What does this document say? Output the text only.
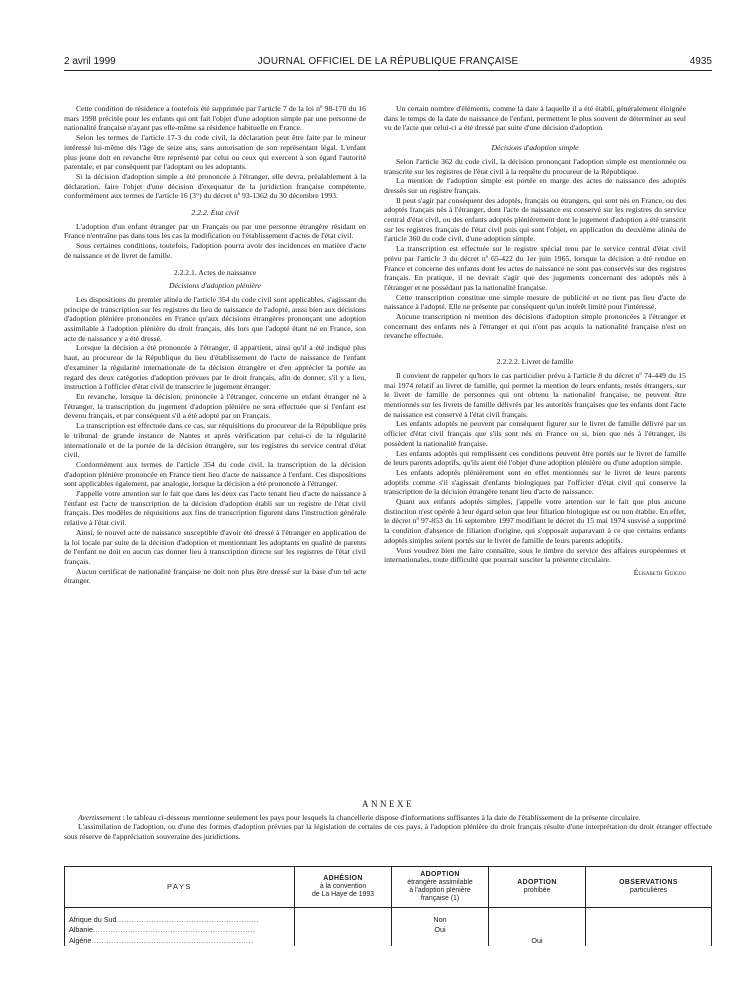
2 avril 1999	JOURNAL OFFICIEL DE LA RÉPUBLIQUE FRANÇAISE	4935

Cette condition de résidence a toutefois été supprimée par l'article 7 de la loi nº 98-170 du 16 mars 1998 précitée pour les enfants qui ont fait l'objet d'une adoption simple par une personne de nationalité française n'ayant pas elle-même sa résidence habituelle en France.

Selon les termes de l'article 17-3 du code civil, la déclaration peut être faite par le mineur intéressé lui-même dès l'âge de seize ans, sans autorisation de son représentant légal. L'enfant plus jeune doit en revanche être représenté par celui ou ceux qui exercent à son égard l'autorité parentale, et par conséquent par l'adoptant ou les adoptants.

Si la décision d'adoption simple a été prononcée à l'étranger, elle devra, préalablement à la déclaration, faire l'objet d'une décision d'exequatur de la juridiction française compétente, conformément aux termes de l'article 16 (3°) du décret nº 93-1362 du 30 décembre 1993.

2.2.2. État civil

L'adoption d'un enfant étranger par un Français ou par une personne étrangère résidant en France n'entraîne pas dans tous les cas la modification ou l'établissement d'actes de l'état civil.

Sous certaines conditions, toutefois, l'adoption pourra avoir des incidences en matière d'acte de naissance et de livret de famille.

2.2.2.1. Actes de naissance

Décisions d'adoption plénière

Les dispositions du premier alinéa de l'article 354 du code civil sont applicables, s'agissant du principe de transcription sur les registres du lieu de naissance de l'adopté, aussi bien aux décisions d'adoption plénière prononcées en France qu'aux décisions étrangères prononçant une adoption assimilable à l'adoption plénière du droit français, dès lors que l'adopté étant né en France, son acte de naissance y a été dressé.

Lorsque la décision a été prononcée à l'étranger, il appartient, ainsi qu'il a été indiqué plus haut, au procureur de la République du lieu d'établissement de l'acte de naissance de l'enfant d'examiner la régularité internationale de la décision étrangère et d'en apprécier la portée au regard des deux catégories d'adoption prévues par le droit français, afin de donner, s'il y a lieu, instruction à l'officier d'état civil de transcrire le jugement étranger.

En revanche, lorsque la décision, prononcée à l'étranger, concerne un enfant étranger né à l'étranger, la transcription du jugement d'adoption plénière ne sera effectuée que si l'enfant est devenu français, et par conséquent s'il a été adopté par un Français.

La transcription est effectuée dans ce cas, sur réquisitions du procureur de la République près le tribunal de grande instance de Nantes et après vérification par celui-ci de la régularité internationale et de la portée de la décision étrangère, sur les registres du service central d'état civil.

Conformément aux termes de l'article 354 du code civil, la transcription de la décision d'adoption plénière prononcée en France tient lieu d'acte de naissance à l'enfant. Ces dispositions sont applicables également, par analogie, lorsque la décision a été prononcée à l'étranger.

J'appelle votre attention sur le fait que dans les deux cas l'acte tenant lieu d'acte de naissance à l'enfant est l'acte de transcription de la décision d'adoption établi sur un registre de l'état civil français. Des modèles de réquisitions aux fins de transcription figurent dans l'instruction générale relative à l'état civil.

Ainsi, le nouvel acte de naissance susceptible d'avoir été dressé à l'étranger en application de la loi locale par suite de la décision d'adoption et mentionnant les adoptants en qualité de parents de l'enfant ne doit en aucun cas donner lieu à transcription directe sur les registres de l'état civil français.

Aucun certificat de nationalité française ne doit non plus être dressé sur la base d'un tel acte étranger.

Un certain nombre d'éléments, comme la date à laquelle il a été établi, généralement éloignée dans le temps de la date de naissance de l'enfant, permettent le plus souvent de déterminer au seul vu de l'acte que celui-ci a été dressé par suite d'une décision d'adoption.

Décisions d'adoption simple

Selon l'article 362 du code civil, la décision prononçant l'adoption simple est mentionnée ou transcrite sur les registres de l'état civil à la requête du procureur de la République.

La mention de l'adoption simple est portée en marge des actes de naissance des adoptés dressés sur un registre français.

Il peut s'agir par conséquent des adoptés, français ou étrangers, qui sont nés en France, ou des adoptés français nés à l'étranger, dont l'acte de naissance est conservé sur les registres du service central d'état civil, ou des enfants adoptés plénièrement dont le jugement d'adoption a été transcrit sur les registres français de l'état civil puis qui sont l'objet, en application du deuxième alinéa de l'article 360 du code civil, d'une adoption simple.

La transcription est effectuée sur le registre spécial tenu par le service central d'état civil prévu par l'article 3 du décret nº 65-422 du 1er juin 1965, lorsque la décision a été rendue en France et concerne des enfants dont les actes de naissance ne sont pas conservés sur des registres français. En pratique, il ne devrait s'agir que des jugements concernant des adoptés nés à l'étranger et ne possédant pas la nationalité française.

Cette transcription constitue une simple mesure de publicité et ne tient pas lieu d'acte de naissance à l'adopté. Elle ne présente par conséquent qu'un intérêt limité pour l'intéressé.

Aucune transcription ni mention des décisions d'adoption simple prononcées à l'étranger et concernant des enfants nés à l'étranger et qui n'ont pas acquis la nationalité française n'est en revanche effectuée.

2.2.2.2. Livret de famille

Il convient de rappeler qu'hors le cas particulier prévu à l'article 8 du décret nº 74-449 du 15 mai 1974 relatif au livret de famille, qui permet la mention de leurs enfants, restés étrangers, sur le livret de famille de personnes qui ont obtenu la nationalité française, ne peuvent être mentionnés sur les livrets de famille délivrés par les autorités françaises que les enfants dont l'acte de naissance est conservé à l'état civil français.

Les enfants adoptés ne peuvent par conséquent figurer sur le livret de famille délivré par un officier d'état civil français que s'ils sont nés en France ou si, bien que nés à l'étranger, ils possèdent la nationalité française.

Les enfants adoptés qui remplissent ces conditions peuvent être portés sur le livret de famille de leurs parents adoptifs, qu'ils aient été l'objet d'une adoption plénière ou d'une adoption simple.

Les enfants adoptés plénièrement sont en effet mentionnés sur le livret de leurs parents adoptifs comme s'il s'agissait d'enfants biologiques par l'officier d'état civil qui conserve la transcription de la décision étrangère tenant lieu d'acte de naissance.

Quant aux enfants adoptés simples, j'appelle votre attention sur le fait que plus aucune distinction n'est opérée à leur égard selon que leur filiation biologique est ou non établie. En effet, le décret nº 97-853 du 16 septembre 1997 modifiant le décret du 15 mai 1974 susvisé a supprimé la condition d'absence de filiation d'origine, qui s'opposait auparavant à ce que certains enfants adoptés simples soient portés sur le livret de famille de leurs parents adoptifs.

Vous voudrez bien me faire connaître, sous le timbre du service des affaires européennes et internationales, toute difficulté que pourrait susciter la présente circulaire.

Élisabeth Guigou
ANNEXE

Avertissement : le tableau ci-dessous mentionne seulement les pays pour lesquels la chancellerie dispose d'informations suffisantes à la date de l'établissement de la présente circulaire.

L'assimilation de l'adoption, ou d'une des formes d'adoption prévues par la législation de certains de ces pays, à l'adoption plénière du droit français résulte d'une interprétation du droit étranger effectuée sous réserve de l'appréciation souveraine des juridictions.

PAYS	ADHÉSION
à la convention
de La Haye de 1993	ADOPTION
étrangère assimilable
à l'adoption plénière
française (1)	ADOPTION
prohibée	OBSERVATIONS
particulières
Afrique du Sud.........................................................		Non		
Albanie.................................................................		Oui		
Algérie.................................................................			Oui	
